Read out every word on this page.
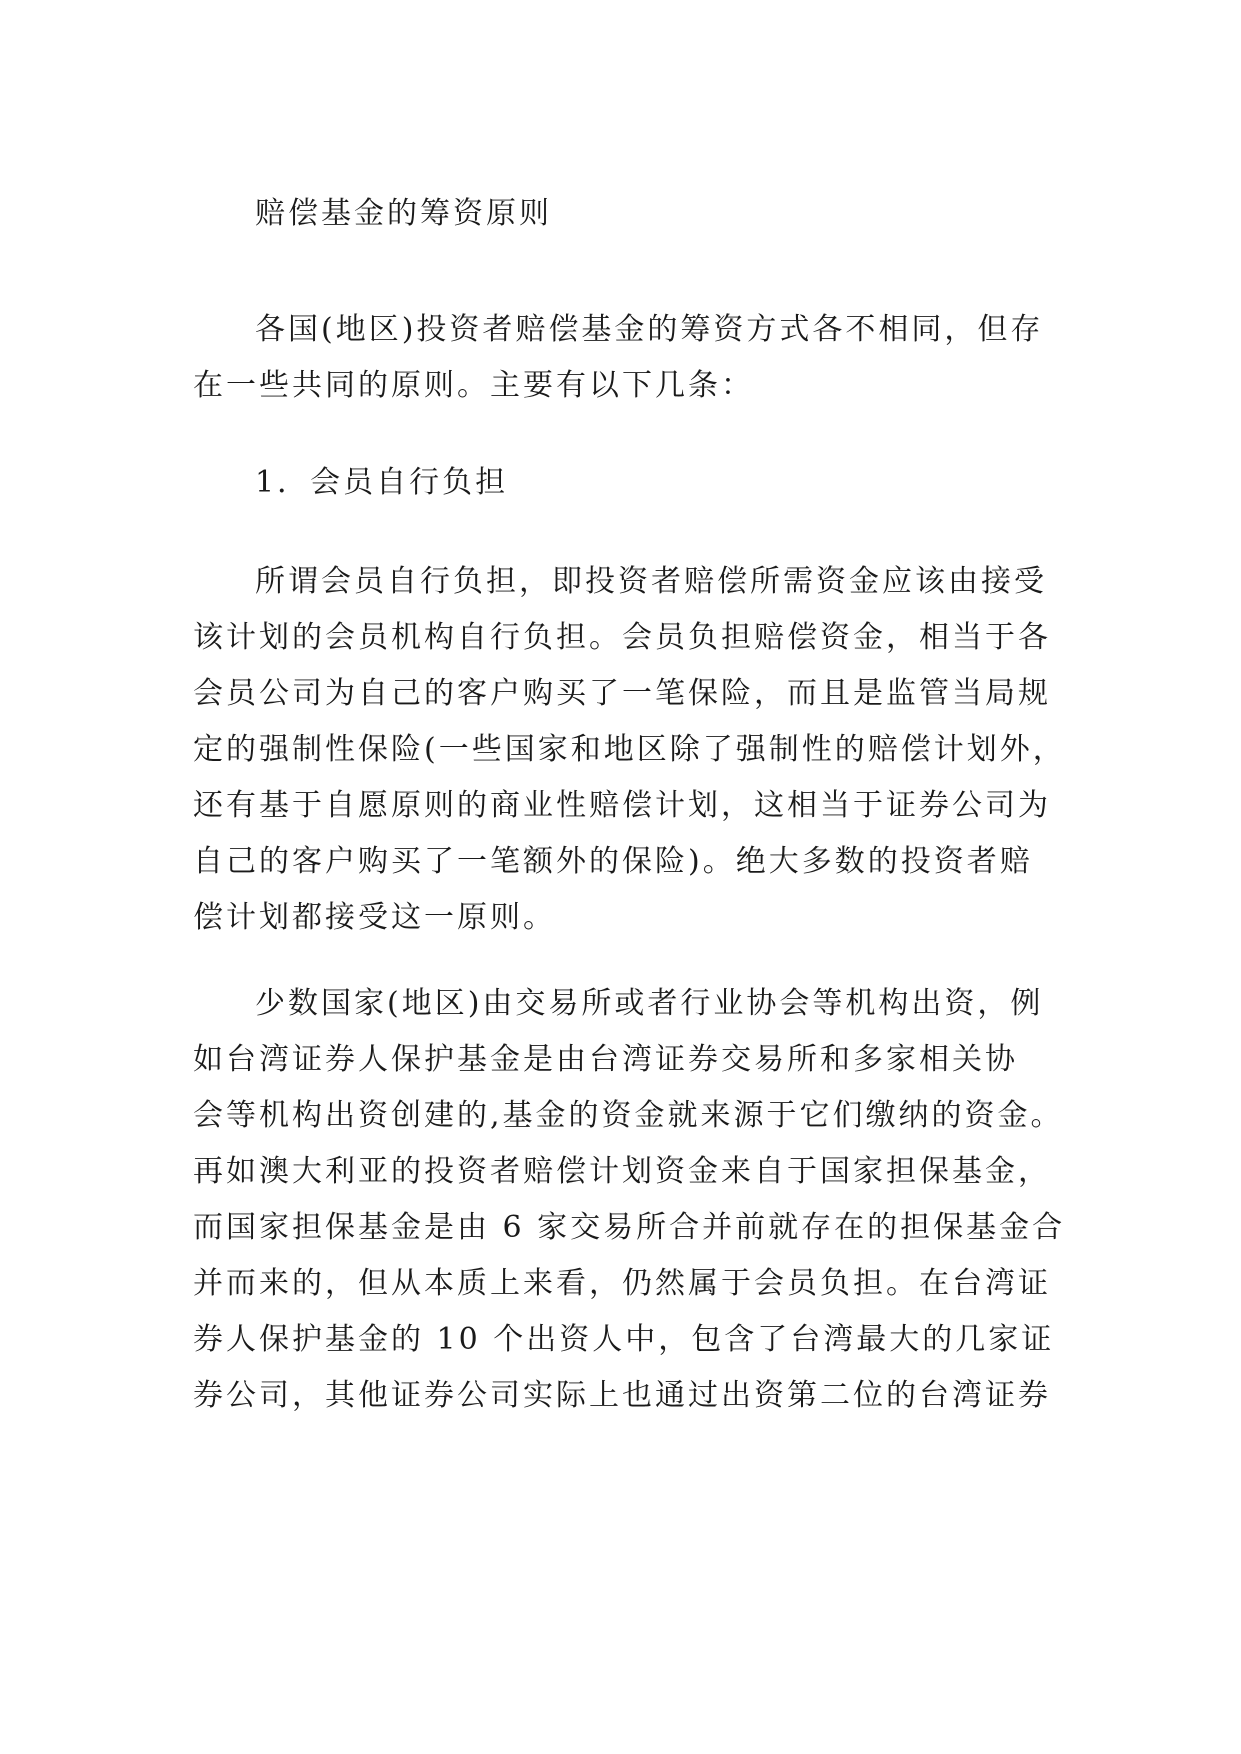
赔偿基金的筹资原则

各国(地区)投资者赔偿基金的筹资方式各不相同，但存
在一些共同的原则。主要有以下几条：

1．会员自行负担

所谓会员自行负担，即投资者赔偿所需资金应该由接受
该计划的会员机构自行负担。会员负担赔偿资金，相当于各
会员公司为自己的客户购买了一笔保险，而且是监管当局规
定的强制性保险(一些国家和地区除了强制性的赔偿计划外，
还有基于自愿原则的商业性赔偿计划，这相当于证券公司为
自己的客户购买了一笔额外的保险)。绝大多数的投资者赔
偿计划都接受这一原则。

少数国家(地区)由交易所或者行业协会等机构出资，例
如台湾证券人保护基金是由台湾证券交易所和多家相关协
会等机构出资创建的,基金的资金就来源于它们缴纳的资金。
再如澳大利亚的投资者赔偿计划资金来自于国家担保基金，
而国家担保基金是由 6 家交易所合并前就存在的担保基金合
并而来的，但从本质上来看，仍然属于会员负担。在台湾证
券人保护基金的 10 个出资人中，包含了台湾最大的几家证
券公司，其他证券公司实际上也通过出资第二位的台湾证券
